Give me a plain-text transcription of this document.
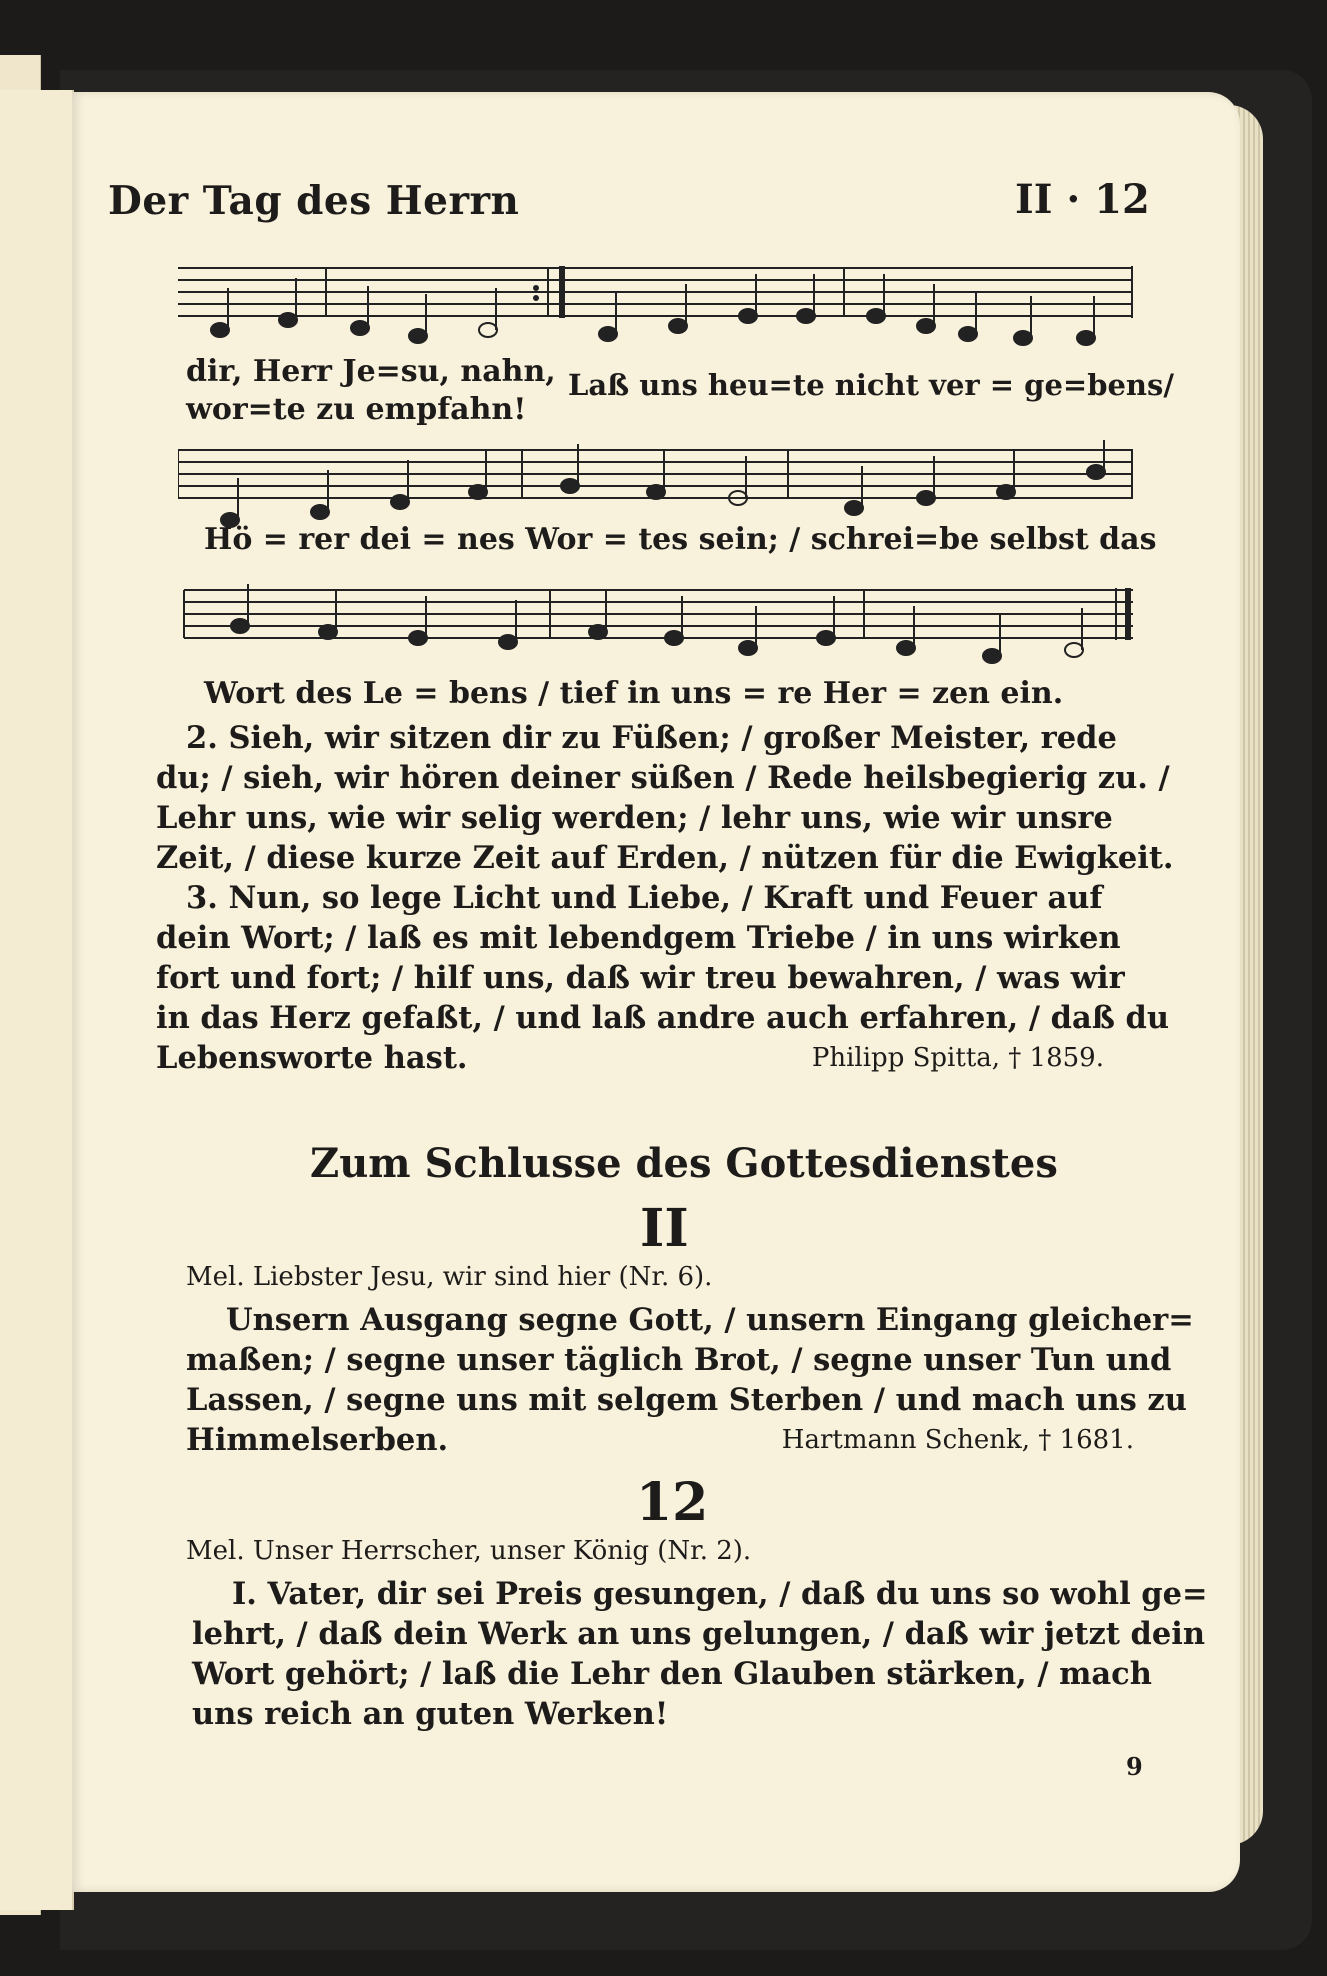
Der Tag des Herrn	II · 12
dir, Herr Je=su, nahn,
wor=te zu empfahn!
Laß uns heu=te nicht ver = ge=bens/
Hö = rer dei = nes Wor = tes sein; / schrei=be selbst das
Wort des Le = bens / tief in uns = re Her = zen ein.
2. Sieh, wir sitzen dir zu Füßen; / großer Meister, rede
du; / sieh, wir hören deiner süßen / Rede heilsbegierig zu. /
Lehr uns, wie wir selig werden; / lehr uns, wie wir unsre
Zeit, / diese kurze Zeit auf Erden, / nützen für die Ewigkeit.
3. Nun, so lege Licht und Liebe, / Kraft und Feuer auf
dein Wort; / laß es mit lebendgem Triebe / in uns wirken
fort und fort; / hilf uns, daß wir treu bewahren, / was wir
in das Herz gefaßt, / und laß andre auch erfahren, / daß du
Lebensworte hast.	Philipp Spitta, † 1859.
Zum Schlusse des Gottesdienstes
II
Mel. Liebster Jesu, wir sind hier (Nr. 6).
Unsern Ausgang segne Gott, / unsern Eingang gleicher=
maßen; / segne unser täglich Brot, / segne unser Tun und
Lassen, / segne uns mit selgem Sterben / und mach uns zu
Himmelserben.	Hartmann Schenk, † 1681.
12
Mel. Unser Herrscher, unser König (Nr. 2).
I. Vater, dir sei Preis gesungen, / daß du uns so wohl ge=
lehrt, / daß dein Werk an uns gelungen, / daß wir jetzt dein
Wort gehört; / laß die Lehr den Glauben stärken, / mach
uns reich an guten Werken!
9
